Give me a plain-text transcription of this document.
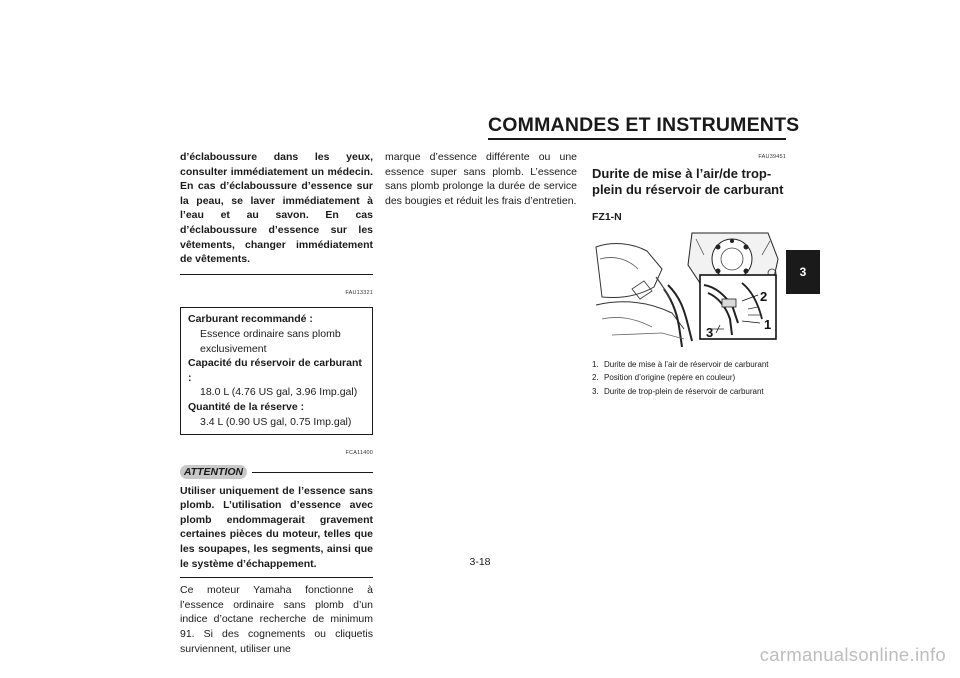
COMMANDES ET INSTRUMENTS
3
d’éclaboussure dans les yeux, consulter immédiatement un médecin. En cas d’éclaboussure d’essence sur la peau, se laver immédiatement à l’eau et au savon. En cas d’éclaboussure d’essence sur les vêtements, changer immédiatement de vêtements.
FAU13321
Carburant recommandé :
Essence ordinaire sans plomb exclusivement
Capacité du réservoir de carburant :
18.0 L (4.76 US gal, 3.96 Imp.gal)
Quantité de la réserve :
3.4 L (0.90 US gal, 0.75 Imp.gal)
FCA11400
ATTENTION
Utiliser uniquement de l’essence sans plomb. L’utilisation d’essence avec plomb endommagerait gravement certaines pièces du moteur, telles que les soupapes, les segments, ainsi que le système d’échappement.
Ce moteur Yamaha fonctionne à l’essence ordinaire sans plomb d’un indice d’octane recherche de minimum 91. Si des cognements ou cliquetis surviennent, utiliser une
marque d’essence différente ou une essence super sans plomb. L’essence sans plomb prolonge la durée de service des bougies et réduit les frais d’entretien.
FAU39451
Durite de mise à l’air/de trop-plein du réservoir de carburant
FZ1-N
2
1
3
1. Durite de mise à l’air de réservoir de carburant
2. Position d’origine (repère en couleur)
3. Durite de trop-plein de réservoir de carburant
3-18
carmanualsonline.info
